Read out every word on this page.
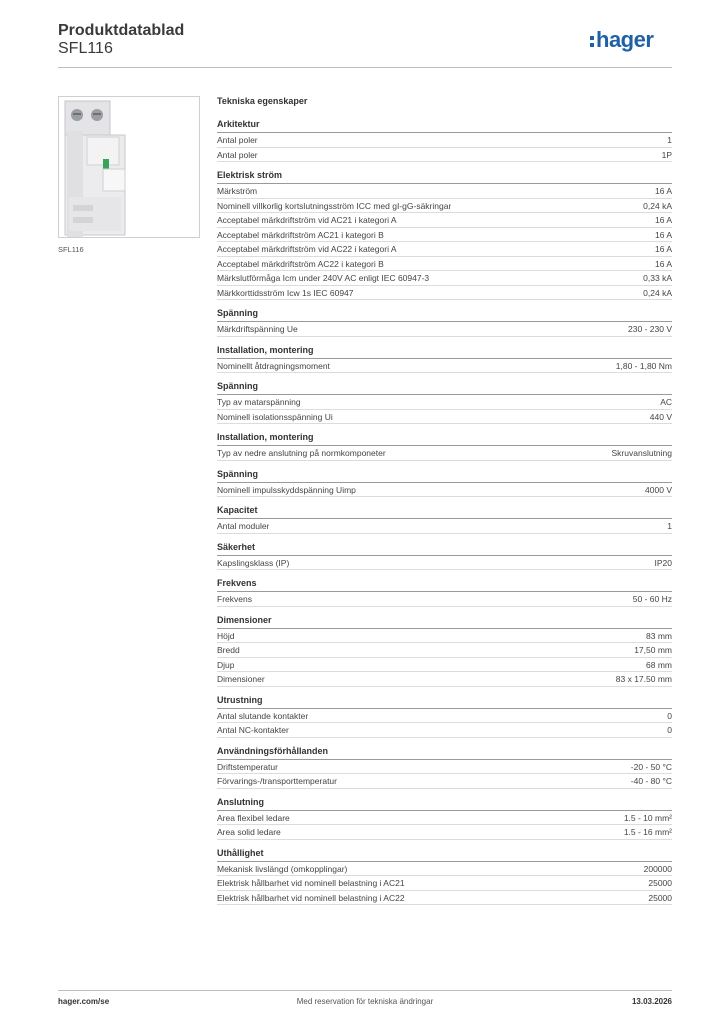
Produktdatablad
SFL116	hager
SFL116
Tekniska egenskaper
Arkitektur
Antal poler	1
Antal poler	1P
Elektrisk ström
Märkström	16 A
Nominell villkorlig kortslutningsström ICC med gI-gG-säkringar	0,24 kA
Acceptabel märkdriftström vid AC21 i kategori A	16 A
Acceptabel märkdriftström AC21 i kategori B	16 A
Acceptabel märkdriftström vid AC22 i kategori A	16 A
Acceptabel märkdriftström AC22 i kategori B	16 A
Märkslutförmåga Icm under 240V AC enligt IEC 60947-3	0,33 kA
Märkkorttidsström Icw 1s IEC 60947	0,24 kA
Spänning
Märkdriftspänning Ue	230 - 230 V
Installation, montering
Nominellt åtdragningsmoment	1,80 - 1,80 Nm
Spänning
Typ av matarspänning	AC
Nominell isolationsspänning Ui	440 V
Installation, montering
Typ av nedre anslutning på normkomponeter	Skruvanslutning
Spänning
Nominell impulsskyddspänning Uimp	4000 V
Kapacitet
Antal moduler	1
Säkerhet
Kapslingsklass (IP)	IP20
Frekvens
Frekvens	50 - 60 Hz
Dimensioner
Höjd	83 mm
Bredd	17,50 mm
Djup	68 mm
Dimensioner	83 x 17.50 mm
Utrustning
Antal slutande kontakter	0
Antal NC-kontakter	0
Användningsförhållanden
Driftstemperatur	-20 - 50 °C
Förvarings-/transporttemperatur	-40 - 80 °C
Anslutning
Area flexibel ledare	1.5 - 10 mm²
Area solid ledare	1.5 - 16 mm²
Uthållighet
Mekanisk livslängd (omkopplingar)	200000
Elektrisk hållbarhet vid nominell belastning i AC21	25000
Elektrisk hållbarhet vid nominell belastning i AC22	25000
hager.com/se	Med reservation för tekniska ändringar	13.03.2026
